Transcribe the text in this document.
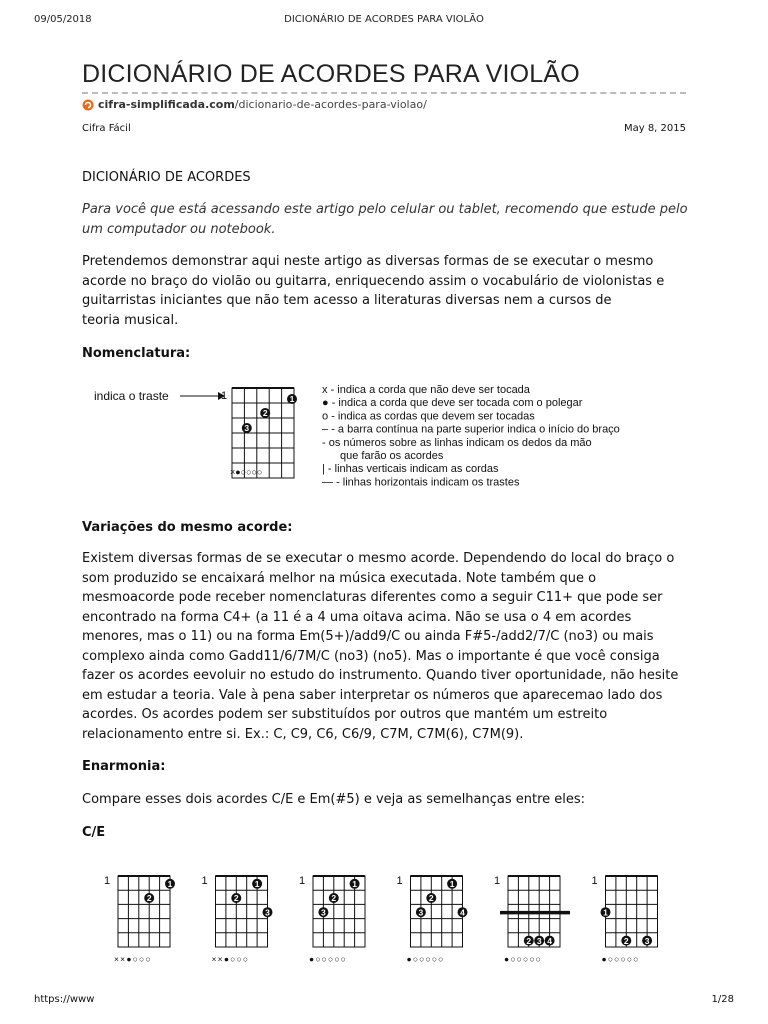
09/05/2018	DICIONÁRIO DE ACORDES PARA VIOLÃO
DICIONÁRIO DE ACORDES PARA VIOLÃO
cifra-simplificada.com /dicionario-de-acordes-para-violao/
Cifra Fácil	May 8, 2015
DICIONÁRIO DE ACORDES
Para você que está acessando este artigo pelo celular ou tablet, recomendo que estude pelo um computador ou notebook.
Pretendemos demonstrar aqui neste artigo as diversas formas de se executar o mesmo acorde no braço do violão ou guitarra, enriquecendo assim o vocabulário de violonistas e guitarristas iniciantes que não tem acesso a literaturas diversas nem a cursos de
teoria musical.
Nomenclatura:
indica o traste	1	1
2
3
×●○○○○
x - indica a corda que não deve ser tocada
● - indica a corda que deve ser tocada com o polegar
o - indica as cordas que devem ser tocadas
– - a barra contínua na parte superior indica o início do braço
- os números sobre as linhas indicam os dedos da mão
que farão os acordes
| - linhas verticais indicam as cordas
— - linhas horizontais indicam os trastes
Variações do mesmo acorde:
Existem diversas formas de se executar o mesmo acorde. Dependendo do local do braço o som produzido se encaixará melhor na música executada. Note também que o mesmoacorde pode receber nomenclaturas diferentes como a seguir C11+ que pode ser encontrado na forma C4+ (a 11 é a 4 uma oitava acima. Não se usa o 4 em acordes menores, mas o 11) ou na forma Em(5+)/add9/C ou ainda F#5-/add2/7/C (no3) ou mais complexo ainda como Gadd11/6/7M/C (no3) (no5). Mas o importante é que você consiga fazer os acordes eevoluir no estudo do instrumento. Quando tiver oportunidade, não hesite em estudar a teoria. Vale à pena saber interpretar os números que aparecemao lado dos acordes. Os acordes podem ser substituídos por outros que mantém um estreito relacionamento entre si. Ex.: C, C9, C6, C6/9, C7M, C7M(6), C7M(9).
Enarmonia:
Compare esses dois acordes C/E e Em(#5) e veja as semelhanças entre eles:
C/E
1	1
2
××●○○○
1	1
2
3
××●○○○
1	1
2
3
●○○○○○
1	1
2
3	4
●○○○○○
1
2 3 4
●○○○○○
1
1
2 3
●○○○○○
https://www	1/28
